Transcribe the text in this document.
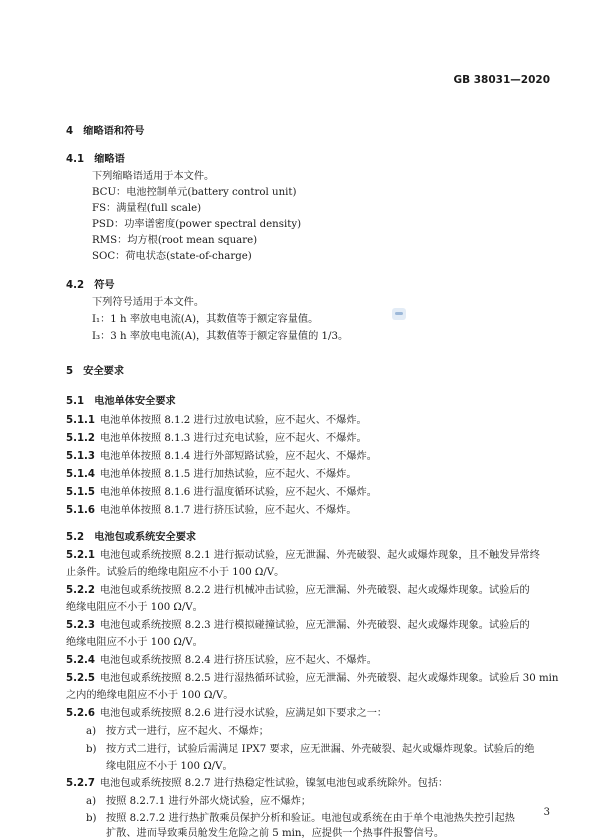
GB 38031—2020
4　缩略语和符号
4.1　缩略语
下列缩略语适用于本文件。
BCU：电池控制单元(battery control unit)
FS：满量程(full scale)
PSD：功率谱密度(power spectral density)
RMS：均方根(root mean square)
SOC：荷电状态(state-of-charge)
4.2　符号
下列符号适用于本文件。
I₁：1 h 率放电电流(A)，其数值等于额定容量值。
I₃：3 h 率放电电流(A)，其数值等于额定容量值的 1/3。
5　安全要求
5.1　电池单体安全要求
5.1.1 电池单体按照 8.1.2 进行过放电试验，应不起火、不爆炸。
5.1.2 电池单体按照 8.1.3 进行过充电试验，应不起火、不爆炸。
5.1.3 电池单体按照 8.1.4 进行外部短路试验，应不起火、不爆炸。
5.1.4 电池单体按照 8.1.5 进行加热试验，应不起火、不爆炸。
5.1.5 电池单体按照 8.1.6 进行温度循环试验，应不起火、不爆炸。
5.1.6 电池单体按照 8.1.7 进行挤压试验，应不起火、不爆炸。
5.2　电池包或系统安全要求
5.2.1 电池包或系统按照 8.2.1 进行振动试验，应无泄漏、外壳破裂、起火或爆炸现象，且不触发异常终
止条件。试验后的绝缘电阻应不小于 100 Ω/V。
5.2.2 电池包或系统按照 8.2.2 进行机械冲击试验，应无泄漏、外壳破裂、起火或爆炸现象。试验后的
绝缘电阻应不小于 100 Ω/V。
5.2.3 电池包或系统按照 8.2.3 进行模拟碰撞试验，应无泄漏、外壳破裂、起火或爆炸现象。试验后的
绝缘电阻应不小于 100 Ω/V。
5.2.4 电池包或系统按照 8.2.4 进行挤压试验，应不起火、不爆炸。
5.2.5 电池包或系统按照 8.2.5 进行湿热循环试验，应无泄漏、外壳破裂、起火或爆炸现象。试验后 30 min
之内的绝缘电阻应不小于 100 Ω/V。
5.2.6 电池包或系统按照 8.2.6 进行浸水试验，应满足如下要求之一：
a) 按方式一进行，应不起火、不爆炸；
b) 按方式二进行，试验后需满足 IPX7 要求，应无泄漏、外壳破裂、起火或爆炸现象。试验后的绝
缘电阻应不小于 100 Ω/V。
5.2.7 电池包或系统按照 8.2.7 进行热稳定性试验，镍氢电池包或系统除外。包括：
a) 按照 8.2.7.1 进行外部火烧试验，应不爆炸；
b) 按照 8.2.7.2 进行热扩散乘员保护分析和验证。电池包或系统在由于单个电池热失控引起热
扩散、进而导致乘员舱发生危险之前 5 min，应提供一个热事件报警信号。
3
